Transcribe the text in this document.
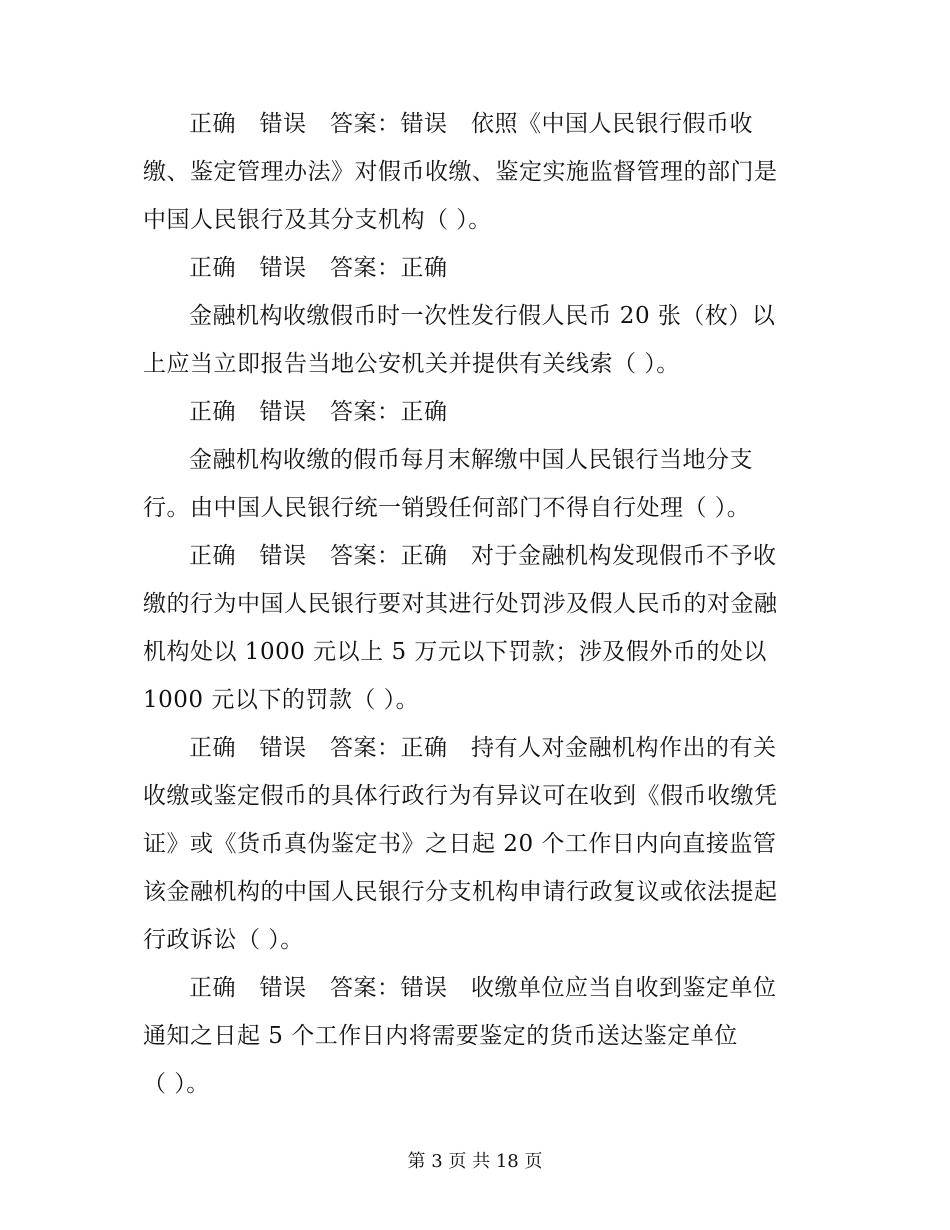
正确　错误　答案：错误　依照《中国人民银行假币收
缴、鉴定管理办法》对假币收缴、鉴定实施监督管理的部门是
中国人民银行及其分支机构（ ）。
正确　错误　答案：正确
金融机构收缴假币时一次性发行假人民币 20 张（枚）以
上应当立即报告当地公安机关并提供有关线索（ ）。
正确　错误　答案：正确
金融机构收缴的假币每月末解缴中国人民银行当地分支
行。由中国人民银行统一销毁任何部门不得自行处理（ ）。
正确　错误　答案：正确　对于金融机构发现假币不予收
缴的行为中国人民银行要对其进行处罚涉及假人民币的对金融
机构处以 1000 元以上 5 万元以下罚款；涉及假外币的处以
1000 元以下的罚款（ ）。
正确　错误　答案：正确　持有人对金融机构作出的有关
收缴或鉴定假币的具体行政行为有异议可在收到《假币收缴凭
证》或《货币真伪鉴定书》之日起 20 个工作日内向直接监管
该金融机构的中国人民银行分支机构申请行政复议或依法提起
行政诉讼（ ）。
正确　错误　答案：错误　收缴单位应当自收到鉴定单位
通知之日起 5 个工作日内将需要鉴定的货币送达鉴定单位
（ ）。
第 3 页 共 18 页
